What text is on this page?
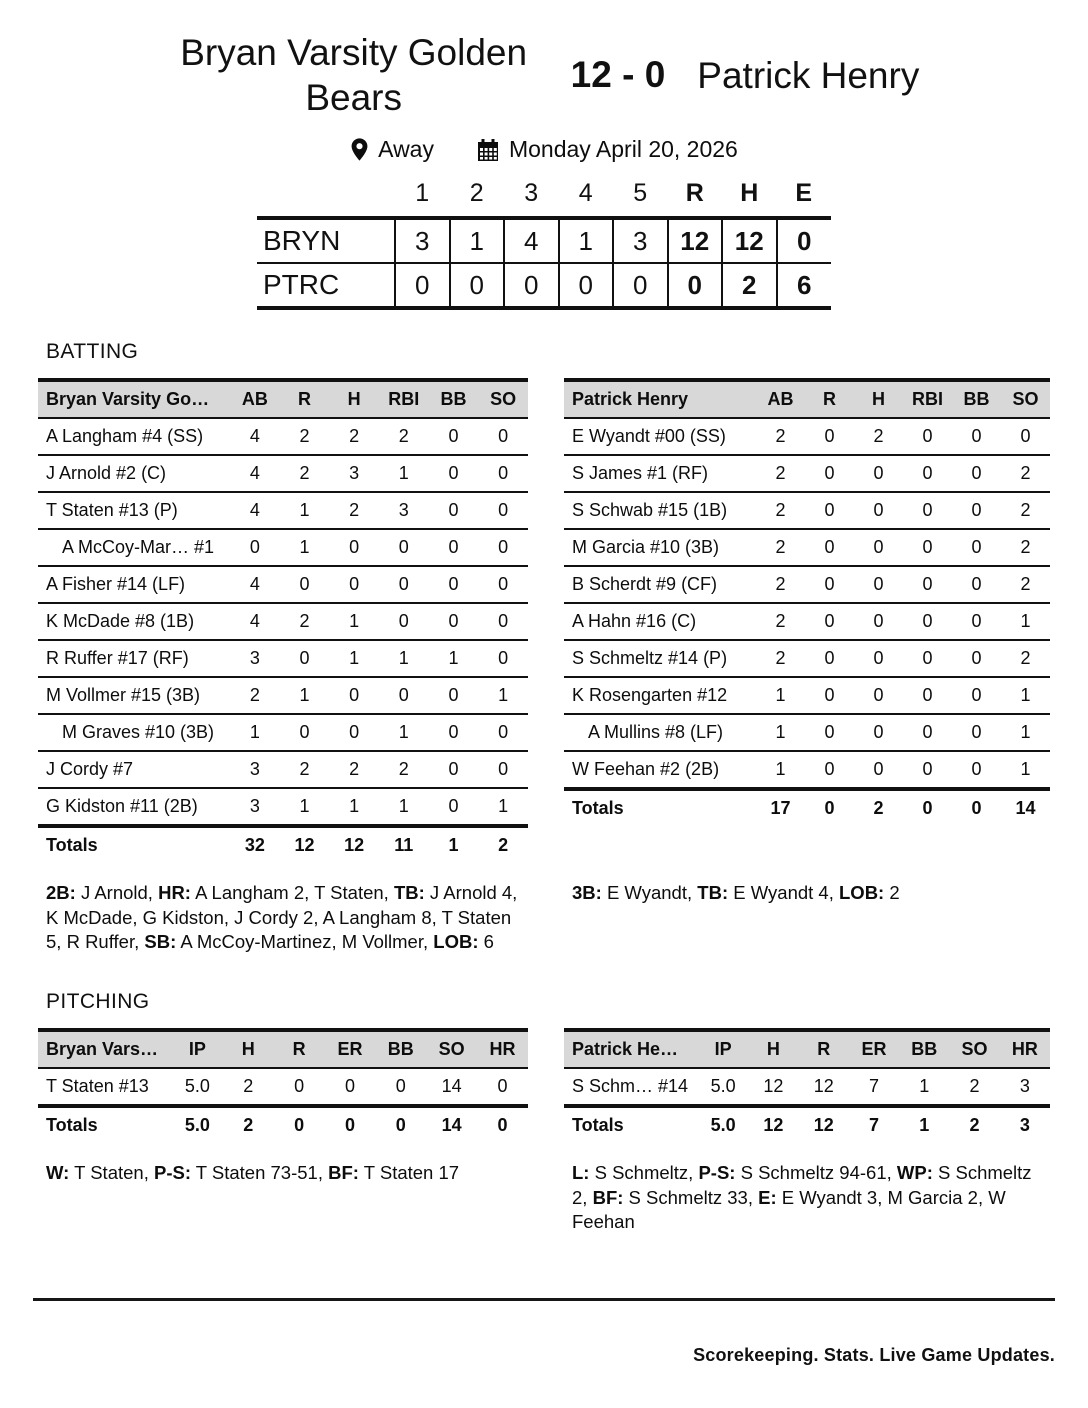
Bryan Varsity Golden Bears
12 - 0 Patrick Henry
Away	Monday April 20, 2026
	1	2	3	4	5	R	H	E
BRYN	3	1	4	1	3	12	12	0
PTRC	0	0	0	0	0	0	2	6
BATTING
Bryan Varsity Go…	AB	R	H	RBI	BB	SO
A Langham #4 (SS)	4	2	2	2	0	0
J Arnold #2 (C)	4	2	3	1	0	0
T Staten #13 (P)	4	1	2	3	0	0
A McCoy-Mar… #1	0	1	0	0	0	0
A Fisher #14 (LF)	4	0	0	0	0	0
K McDade #8 (1B)	4	2	1	0	0	0
R Ruffer #17 (RF)	3	0	1	1	1	0
M Vollmer #15 (3B)	2	1	0	0	0	1
M Graves #10 (3B)	1	0	0	1	0	0
J Cordy #7	3	2	2	2	0	0
G Kidston #11 (2B)	3	1	1	1	0	1
Totals	32	12	12	11	1	2
Patrick Henry	AB	R	H	RBI	BB	SO
E Wyandt #00 (SS)	2	0	2	0	0	0
S James #1 (RF)	2	0	0	0	0	2
S Schwab #15 (1B)	2	0	0	0	0	2
M Garcia #10 (3B)	2	0	0	0	0	2
B Scherdt #9 (CF)	2	0	0	0	0	2
A Hahn #16 (C)	2	0	0	0	0	1
S Schmeltz #14 (P)	2	0	0	0	0	2
K Rosengarten #12	1	0	0	0	0	1
A Mullins #8 (LF)	1	0	0	0	0	1
W Feehan #2 (2B)	1	0	0	0	0	1
Totals	17	0	2	0	0	14

2B: J Arnold, HR: A Langham 2, T Staten, TB: J Arnold 4, K McDade, G Kidston, J Cordy 2, A Langham 8, T Staten 5, R Ruffer, SB: A McCoy-Martinez, M Vollmer, LOB: 6

3B: E Wyandt, TB: E Wyandt 4, LOB: 2

PITCHING
Bryan Vars…	IP	H	R	ER	BB	SO	HR
T Staten #13	5.0	2	0	0	0	14	0
Totals	5.0	2	0	0	0	14	0
Patrick He…	IP	H	R	ER	BB	SO	HR
S Schm… #14	5.0	12	12	7	1	2	3
Totals	5.0	12	12	7	1	2	3

W: T Staten, P-S: T Staten 73-51, BF: T Staten 17	L: S Schmeltz, P-S: S Schmeltz 94-61, WP: S Schmeltz 2, BF: S Schmeltz 33, E: E Wyandt 3, M Garcia 2, W Feehan

Scorekeeping. Stats. Live Game Updates.
